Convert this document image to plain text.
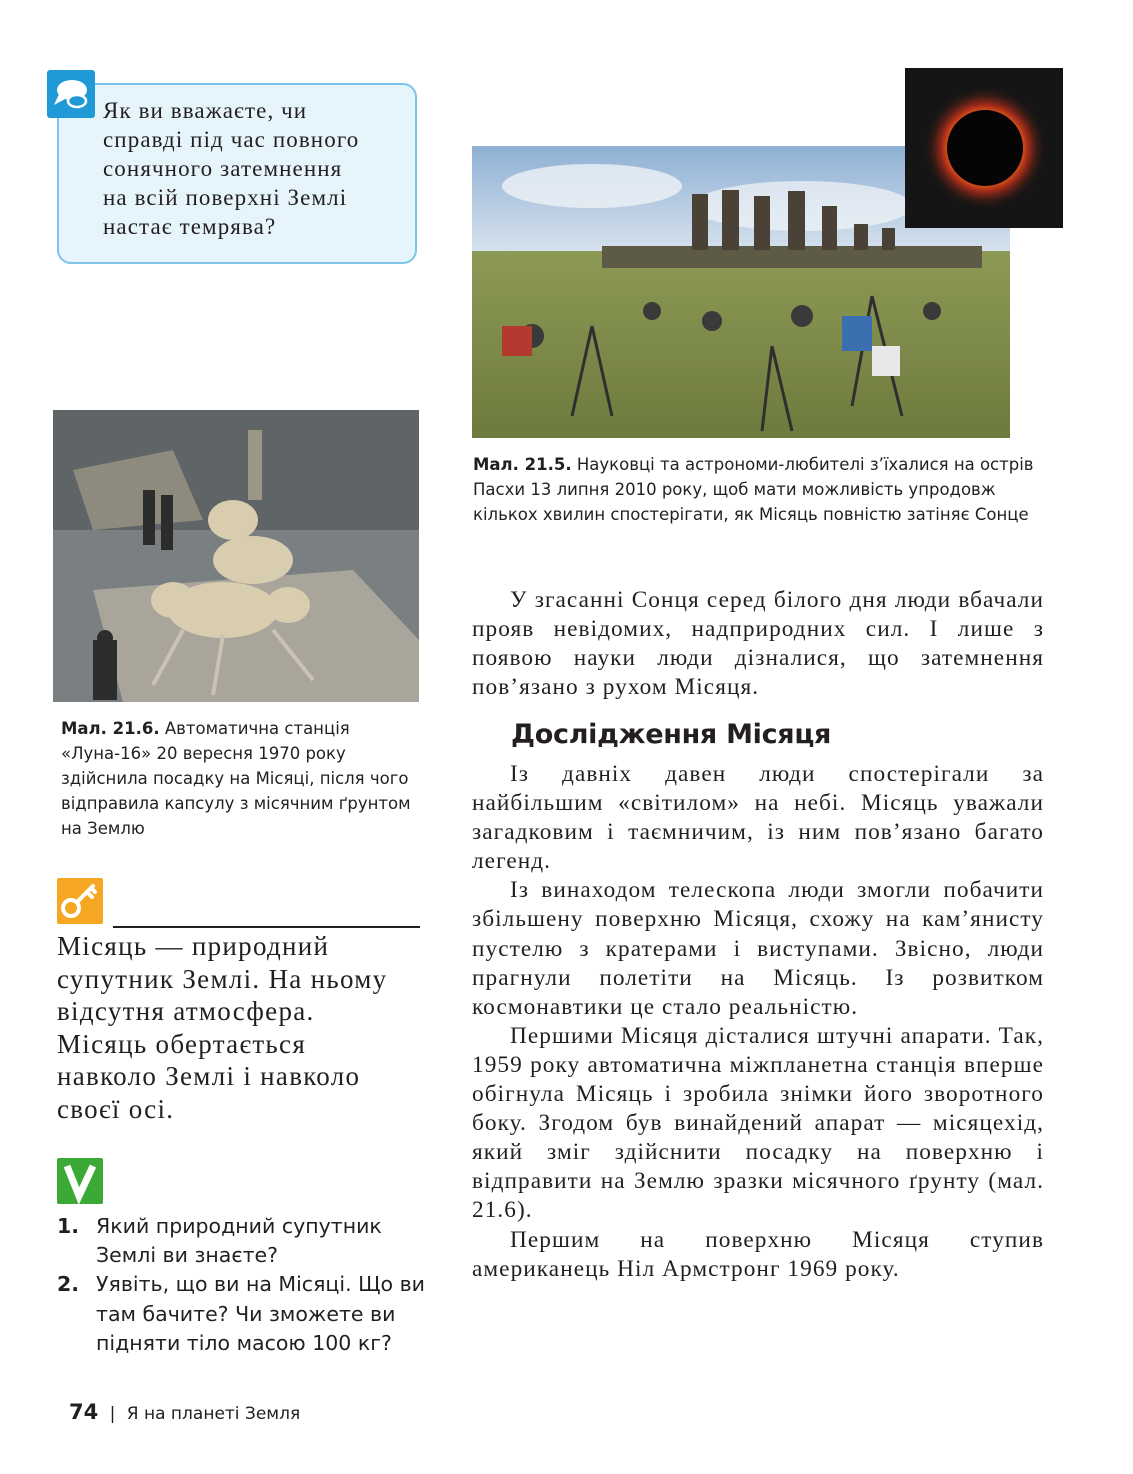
Як ви вважаєте, чи
справді під час повного
сонячного затемнення
на всій поверхні Землі
настає темрява?
Мал. 21.5. Науковці та астрономи-любителі з’їхалися на острів Пасхи 13 липня 2010 року, щоб мати можливість упродовж кількох хвилин спостерігати, як Місяць повністю затіняє Сонце
Мал. 21.6. Автоматична станція «Луна-16» 20 вересня 1970 року здійснила посадку на Місяці, після чого відправила капсулу з місячним ґрунтом на Землю

У згасанні Сонця серед білого дня люди вбачали прояв невідомих, надприродних сил. І лише з появою науки люди дізналися, що затемнення пов’язано з рухом Місяця.

Дослідження Місяця

Із давніх давен люди спостерігали за найбільшим «світилом» на небі. Місяць уважали загадковим і таємничим, із ним пов’язано багато легенд.

Із винаходом телескопа люди змогли побачити збільшену поверхню Місяця, схожу на кам’янисту пустелю з кратерами і виступами. Звісно, люди прагнули полетіти на Місяць. Із розвитком космонавтики це стало реальністю.

Першими Місяця дісталися штучні апарати. Так, 1959 року автоматична міжпланетна станція вперше обігнула Місяць і зробила знімки його зворотного боку. Згодом був винайдений апарат — місяцехід, який зміг здійснити посадку на поверхню і відправити на Землю зразки місячного ґрунту (мал. 21.6).

Першим на поверхню Місяця ступив американець Ніл Армстронг 1969 року.

Місяць — природний
супутник Землі. На ньому
відсутня атмосфера.
Місяць обертається
навколо Землі і навколо
своєї осі.

1. Який природний супутник Землі ви знаєте?

2. Уявіть, що ви на Місяці. Що ви там бачите? Чи зможете ви підняти тіло масою 100 кг?

74 | Я на планеті Земля
